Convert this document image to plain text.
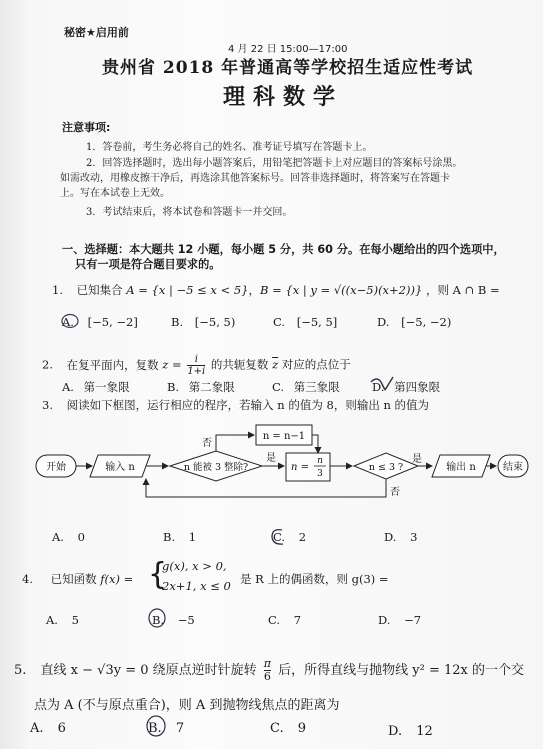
秘密★启用前
4 月 22 日 15:00—17:00
贵州省 2018 年普通高等学校招生适应性考试
理科数学
注意事项:
1．答卷前，考生务必将自己的姓名、准考证号填写在答题卡上。
2．回答选择题时，选出每小题答案后，用铅笔把答题卡上对应题目的答案标号涂黑。
如需改动，用橡皮擦干净后，再选涂其他答案标号。回答非选择题时，将答案写在答题卡
上。写在本试卷上无效。
3．考试结束后，将本试卷和答题卡一并交回。
一、选择题：本大题共 12 小题，每小题 5 分，共 60 分。在每小题给出的四个选项中，
只有一项是符合题目要求的。
1. 已知集合 A = {x | −5 ≤ x < 5}，B = {x | y = √((x−5)(x+2))} ，则 A ∩ B =
A. [−5, −2]	B. [−5, 5)	C. [−5, 5]	D. [−5, −2)
2. 在复平面内，复数 $z = \frac{i}{1+i}$ 的共轭复数 $\overline{z}$ 对应的点位于
A. 第一象限	B. 第二象限	C. 第三象限	D. 第四象限
3. 阅读如下框图，运行相应的程序，若输入 n 的值为 8，则输出 n 的值为
开始	输入 n	n 能被 3 整除?
n = n−1
n =
n
3
n ≤ 3 ?	输出 n	结束
否
是	是
否
A. 0	B. 1	C. 2	D. 3
4. 已知函数 f(x) = {
g(x), x > 0,
2x+1, x ≤ 0 是 R 上的偶函数，则 g(3) =
A. 5	B. −5	C. 7	D. −7
5. 直线 x − √3y = 0 绕原点逆时针旋转 $\frac{\pi}{6}$ 后，所得直线与抛物线 y² = 12x 的一个交
点为 A (不与原点重合)，则 A 到抛物线焦点的距离为
A. 6	B. 7	C. 9	D. 12
